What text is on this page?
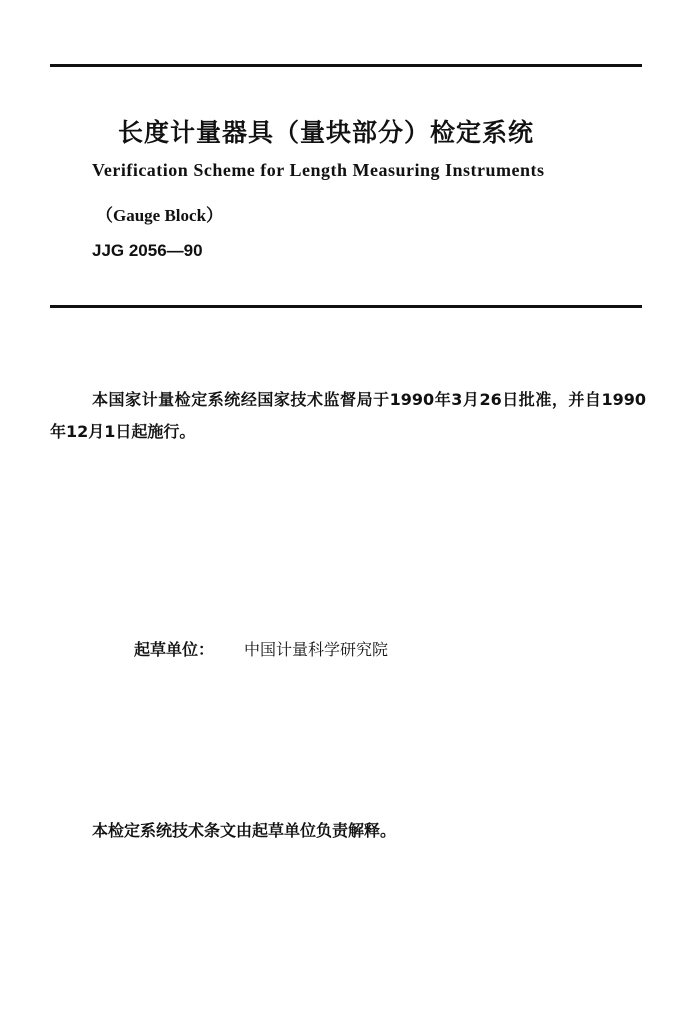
长度计量器具（量块部分）检定系统
Verification Scheme for Length Measuring Instruments
（Gauge Block）
JJG 2056—90

本国家计量检定系统经国家技术监督局于1990年3月26日批准，并自1990年12月1日起施行。

起草单位： 中国计量科学研究院
本检定系统技术条文由起草单位负责解释。
